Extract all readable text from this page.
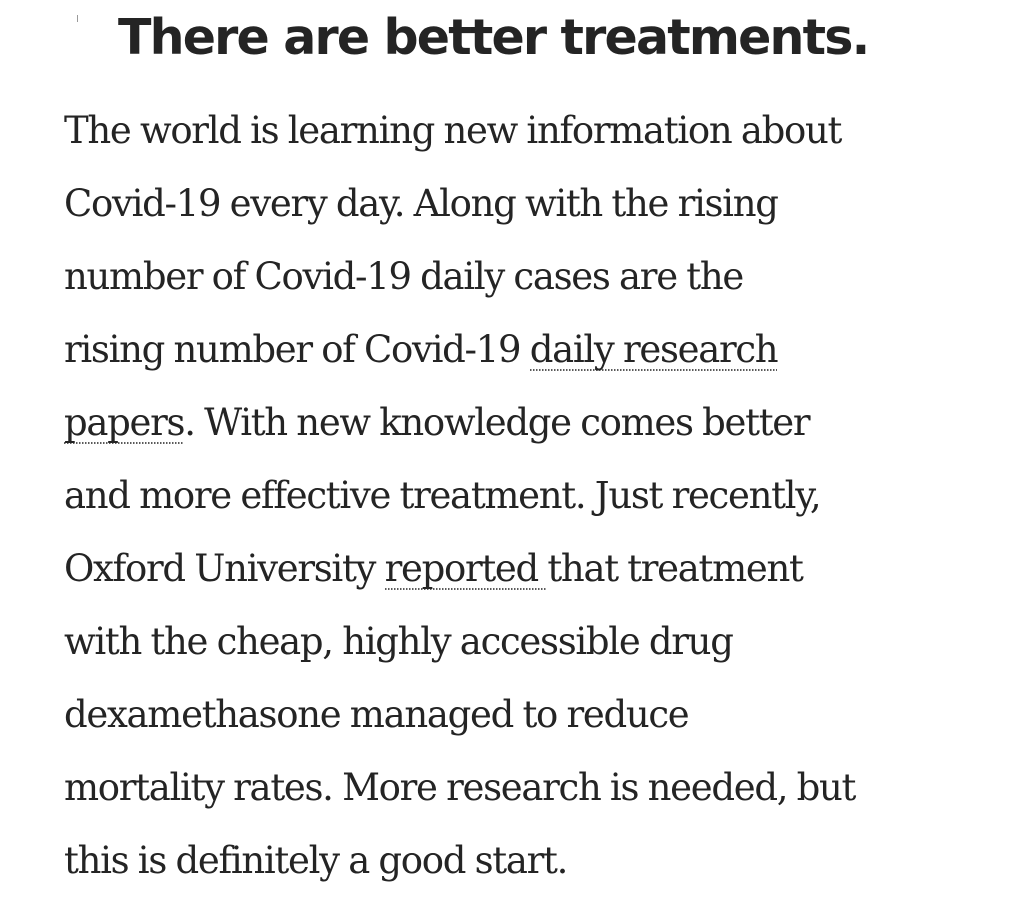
There are better treatments.

The world is learning new information about
Covid-19 every day. Along with the rising
number of Covid-19 daily cases are the
rising number of Covid-19 daily research
papers. With new knowledge comes better
and more effective treatment. Just recently,
Oxford University reported that treatment
with the cheap, highly accessible drug
dexamethasone managed to reduce
mortality rates. More research is needed, but
this is definitely a good start.
